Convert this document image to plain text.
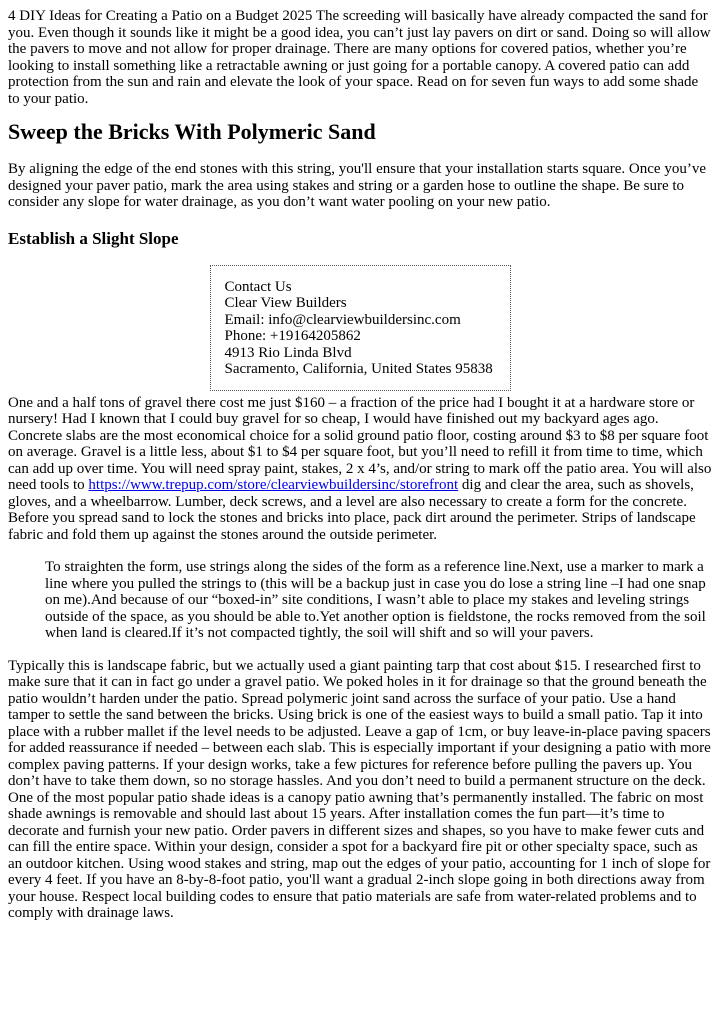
4 DIY Ideas for Creating a Patio on a Budget 2025 The screeding will basically have already compacted the sand for you. Even though it sounds like it might be a good idea, you can’t just lay pavers on dirt or sand. Doing so will allow the pavers to move and not allow for proper drainage. There are many options for covered patios, whether you’re looking to install something like a retractable awning or just going for a portable canopy. A covered patio can add protection from the sun and rain and elevate the look of your space. Read on for seven fun ways to add some shade to your patio.

Sweep the Bricks With Polymeric Sand

By aligning the edge of the end stones with this string, you'll ensure that your installation starts square. Once you’ve designed your paver patio, mark the area using stakes and string or a garden hose to outline the shape. Be sure to consider any slope for water drainage, as you don’t want water pooling on your new patio.

Establish a Slight Slope
Contact Us
Clear View Builders
Email: info@clearviewbuildersinc.com
Phone: +19164205862
4913 Rio Linda Blvd
Sacramento, California, United States 95838

One and a half tons of gravel there cost me just $160 – a fraction of the price had I bought it at a hardware store or nursery! Had I known that I could buy gravel for so cheap, I would have finished out my backyard ages ago. Concrete slabs are the most economical choice for a solid ground patio floor, costing around $3 to $8 per square foot on average. Gravel is a little less, about $1 to $4 per square foot, but you’ll need to refill it from time to time, which can add up over time. You will need spray paint, stakes, 2 x 4’s, and/or string to mark off the patio area. You will also need tools to https://www.trepup.com/store/clearviewbuildersinc/storefront dig and clear the area, such as shovels, gloves, and a wheelbarrow. Lumber, deck screws, and a level are also necessary to create a form for the concrete. Before you spread sand to lock the stones and bricks into place, pack dirt around the perimeter. Strips of landscape fabric and fold them up against the stones around the outside perimeter.

To straighten the form, use strings along the sides of the form as a reference line.Next, use a marker to mark a line where you pulled the strings to (this will be a backup just in case you do lose a string line –I had one snap on me).And because of our “boxed-in” site conditions, I wasn’t able to place my stakes and leveling strings outside of the space, as you should be able to.Yet another option is fieldstone, the rocks removed from the soil when land is cleared.If it’s not compacted tightly, the soil will shift and so will your pavers.

Typically this is landscape fabric, but we actually used a giant painting tarp that cost about $15. I researched first to make sure that it can in fact go under a gravel patio. We poked holes in it for drainage so that the ground beneath the patio wouldn’t harden under the patio. Spread polymeric joint sand across the surface of your patio. Use a hand tamper to settle the sand between the bricks. Using brick is one of the easiest ways to build a small patio. Tap it into place with a rubber mallet if the level needs to be adjusted. Leave a gap of 1cm, or buy leave-in-place paving spacers for added reassurance if needed – between each slab. This is especially important if your designing a patio with more complex paving patterns. If your design works, take a few pictures for reference before pulling the pavers up. You don’t have to take them down, so no storage hassles. And you don’t need to build a permanent structure on the deck. One of the most popular patio shade ideas is a canopy patio awning that’s permanently installed. The fabric on most shade awnings is removable and should last about 15 years. After installation comes the fun part—it’s time to decorate and furnish your new patio. Order pavers in different sizes and shapes, so you have to make fewer cuts and can fill the entire space. Within your design, consider a spot for a backyard fire pit or other specialty space, such as an outdoor kitchen. Using wood stakes and string, map out the edges of your patio, accounting for 1 inch of slope for every 4 feet. If you have an 8-by-8-foot patio, you'll want a gradual 2-inch slope going in both directions away from your house. Respect local building codes to ensure that patio materials are safe from water-related problems and to comply with drainage laws.
